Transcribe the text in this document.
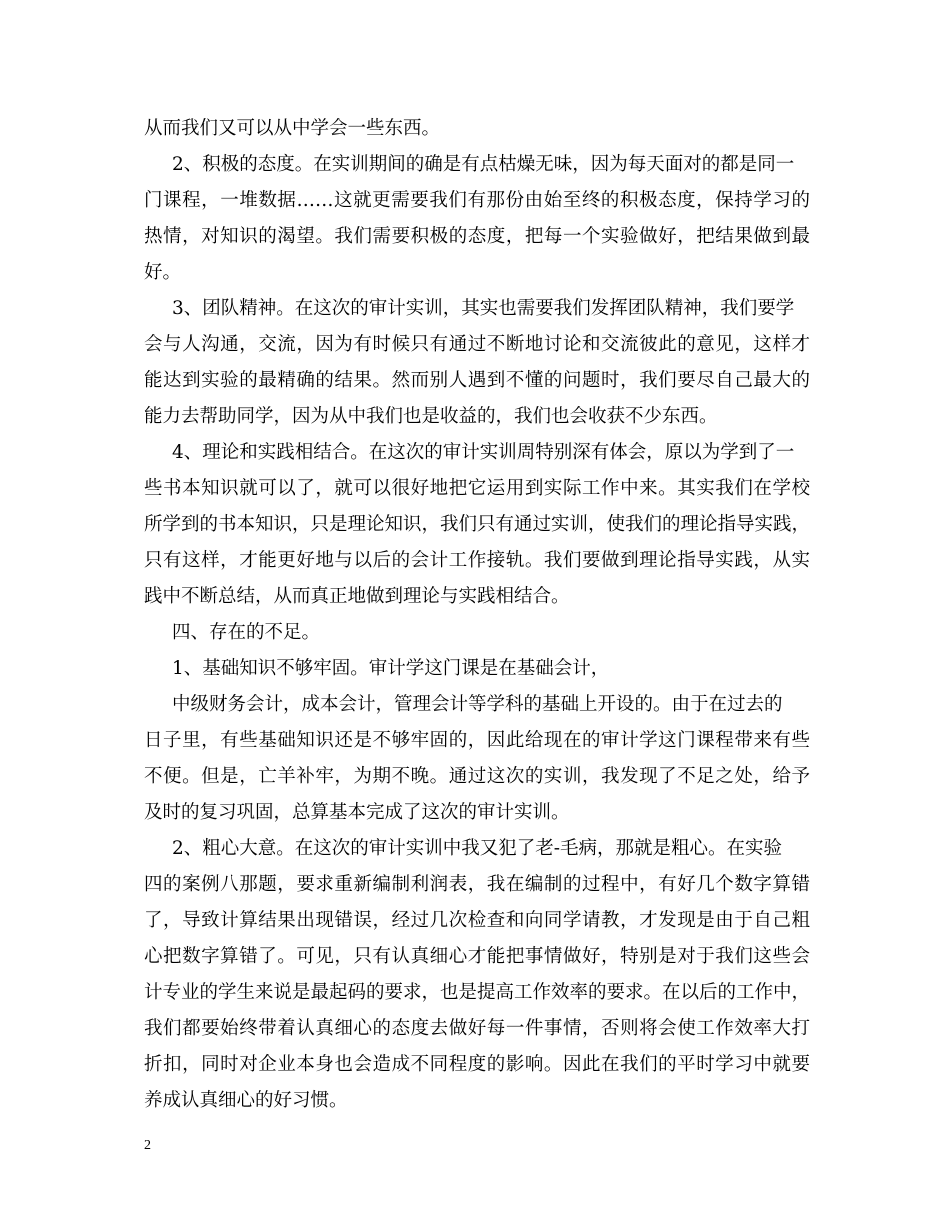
从而我们又可以从中学会一些东西。
2、积极的态度。在实训期间的确是有点枯燥无味，因为每天面对的都是同一
门课程，一堆数据……这就更需要我们有那份由始至终的积极态度，保持学习的
热情，对知识的渴望。我们需要积极的态度，把每一个实验做好，把结果做到最
好。
3、团队精神。在这次的审计实训，其实也需要我们发挥团队精神，我们要学
会与人沟通，交流，因为有时候只有通过不断地讨论和交流彼此的意见，这样才
能达到实验的最精确的结果。然而别人遇到不懂的问题时，我们要尽自己最大的
能力去帮助同学，因为从中我们也是收益的，我们也会收获不少东西。
4、理论和实践相结合。在这次的审计实训周特别深有体会，原以为学到了一
些书本知识就可以了，就可以很好地把它运用到实际工作中来。其实我们在学校
所学到的书本知识，只是理论知识，我们只有通过实训，使我们的理论指导实践，
只有这样，才能更好地与以后的会计工作接轨。我们要做到理论指导实践，从实
践中不断总结，从而真正地做到理论与实践相结合。
四、存在的不足。
1、基础知识不够牢固。审计学这门课是在基础会计，
中级财务会计，成本会计，管理会计等学科的基础上开设的。由于在过去的
日子里，有些基础知识还是不够牢固的，因此给现在的审计学这门课程带来有些
不便。但是，亡羊补牢，为期不晚。通过这次的实训，我发现了不足之处，给予
及时的复习巩固，总算基本完成了这次的审计实训。
2、粗心大意。在这次的审计实训中我又犯了老-毛病，那就是粗心。在实验
四的案例八那题，要求重新编制利润表，我在编制的过程中，有好几个数字算错
了，导致计算结果出现错误，经过几次检查和向同学请教，才发现是由于自己粗
心把数字算错了。可见，只有认真细心才能把事情做好，特别是对于我们这些会
计专业的学生来说是最起码的要求，也是提高工作效率的要求。在以后的工作中，
我们都要始终带着认真细心的态度去做好每一件事情，否则将会使工作效率大打
折扣，同时对企业本身也会造成不同程度的影响。因此在我们的平时学习中就要
养成认真细心的好习惯。
2
